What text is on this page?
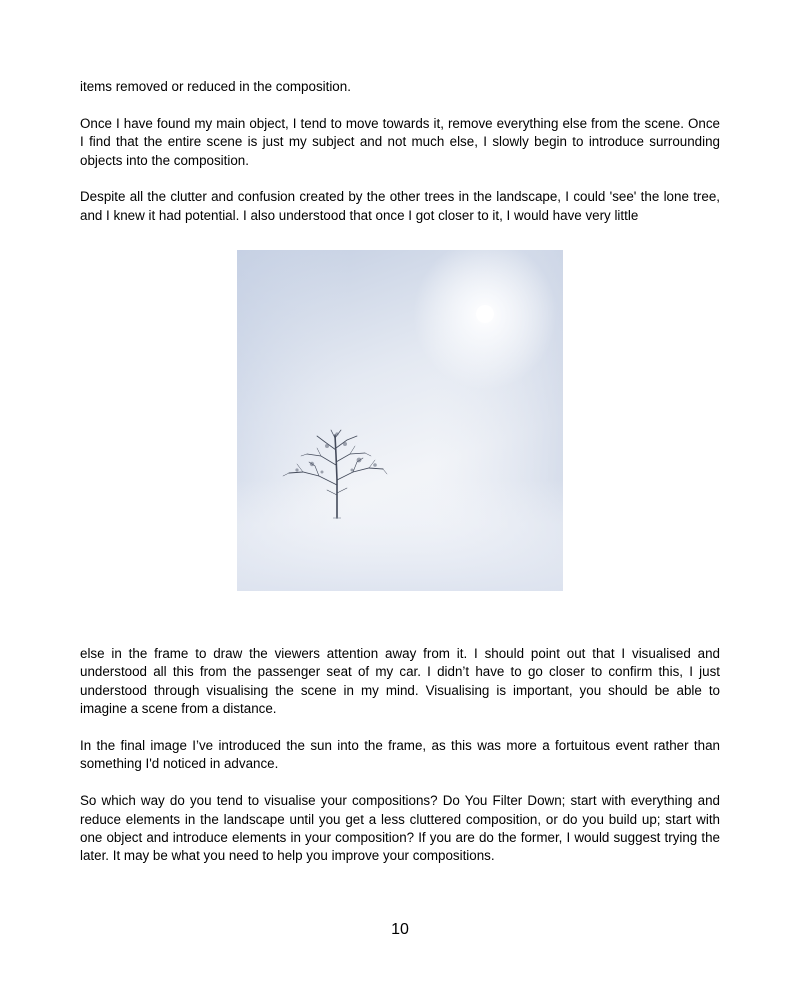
items removed or reduced in the composition.

Once I have found my main object, I tend to move towards it, remove everything else from the scene. Once I find that the entire scene is just my subject and not much else, I slowly begin to introduce surrounding objects into the composition.

Despite all the clutter and confusion created by the other trees in the landscape, I could 'see' the lone tree, and I knew it had potential. I also understood that once I got closer to it, I would have very little

else in the frame to draw the viewers attention away from it. I should point out that I visualised and understood all this from the passenger seat of my car. I didn’t have to go closer to confirm this, I just understood through visualising the scene in my mind. Visualising is important, you should be able to imagine a scene from a distance.

In the final image I’ve introduced the sun into the frame, as this was more a fortuitous event rather than something I'd noticed in advance.

So which way do you tend to visualise your compositions? Do You Filter Down; start with everything and reduce elements in the landscape until you get a less cluttered composition, or do you build up; start with one object and introduce elements in your composition? If you are do the former, I would suggest trying the later. It may be what you need to help you improve your compositions.

10
